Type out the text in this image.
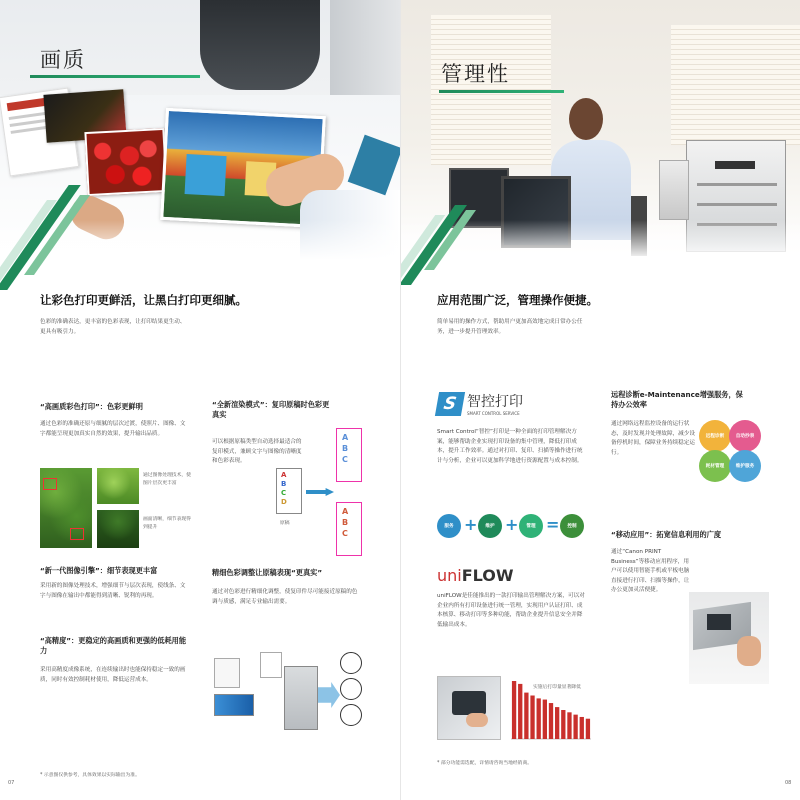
画质
让彩色打印更鲜活，让黑白打印更细腻。
色彩的准确表达，更丰富的色彩表现，让打印结果更生动、更具有吸引力。
“高画质彩色打印”：色彩更鲜明
通过色彩的准确还原与细腻的层次过渡，使照片、图像、文字都能呈现更加真实自然的效果，提升输出品质。
通过图像处理技术，使图片层次更丰富
画面清晰，细节表现得到提升
“新一代图像引擎”：细节表现更丰富
采用新的图像处理技术，增强细节与层次表现，使线条、文字与图像在输出中都能得到清晰、锐利的再现。
“高精度”：更稳定的高画质和更强的低耗用能力
采用高精度成像系统，在连续输出时也能保持稳定一致的画质，同时有效控制耗材使用，降低运营成本。
“全新渲染模式”：复印原稿时色彩更真实
可以根据原稿类型自动选择最适合的复印模式，兼顾文字与图像的清晰度和色彩表现。
A
B
C
D
A
B
C
A
B
C
原稿
精细色彩调整让原稿表现“更真实”
通过对色彩进行精细化调整，使复印件尽可能接近原稿的色调与质感，满足专业输出需要。
* 示意图仅供参考，具体效果以实际输出为准。
07
管理性
应用范围广泛，管理操作便捷。
简单易用的操作方式，帮助用户更加高效地完成日常办公任务，进一步提升管理效率。
S 智控打印
SMART CONTROL SERVICE
Smart Control“智控”打印是一种全面的打印管理解决方案，能够帮助企业实现打印设备的集中管理，降低打印成本，提升工作效率。通过对打印、复印、扫描等操作进行统计与分析，企业可以更加科学地进行资源配置与成本控制。
服务 +	维护 +	管理 =	控制
uniFLOW
uniFLOW是佳能推出的一款打印输出管理解决方案，可以对企业内所有打印设备进行统一管理，实现用户认证打印、成本核算、移动打印等多种功能，帮助企业提升信息安全并降低输出成本。
实施后打印量显著降低
* 部分功能需选配，详情请咨询当地经销商。
远程诊断e-Maintenance增强服务，保持办公效率
通过网络远程监控设备的运行状态，及时发现并处理故障，减少设备停机时间，保障业务持续稳定运行。
远程诊断	自动抄表
耗材管理	维护服务
“移动应用”：拓宽信息利用的广度
通过“Canon PRINT Business”等移动应用程序，用户可以使用智能手机或平板电脑直接进行打印、扫描等操作，让办公更加灵活便捷。
08
